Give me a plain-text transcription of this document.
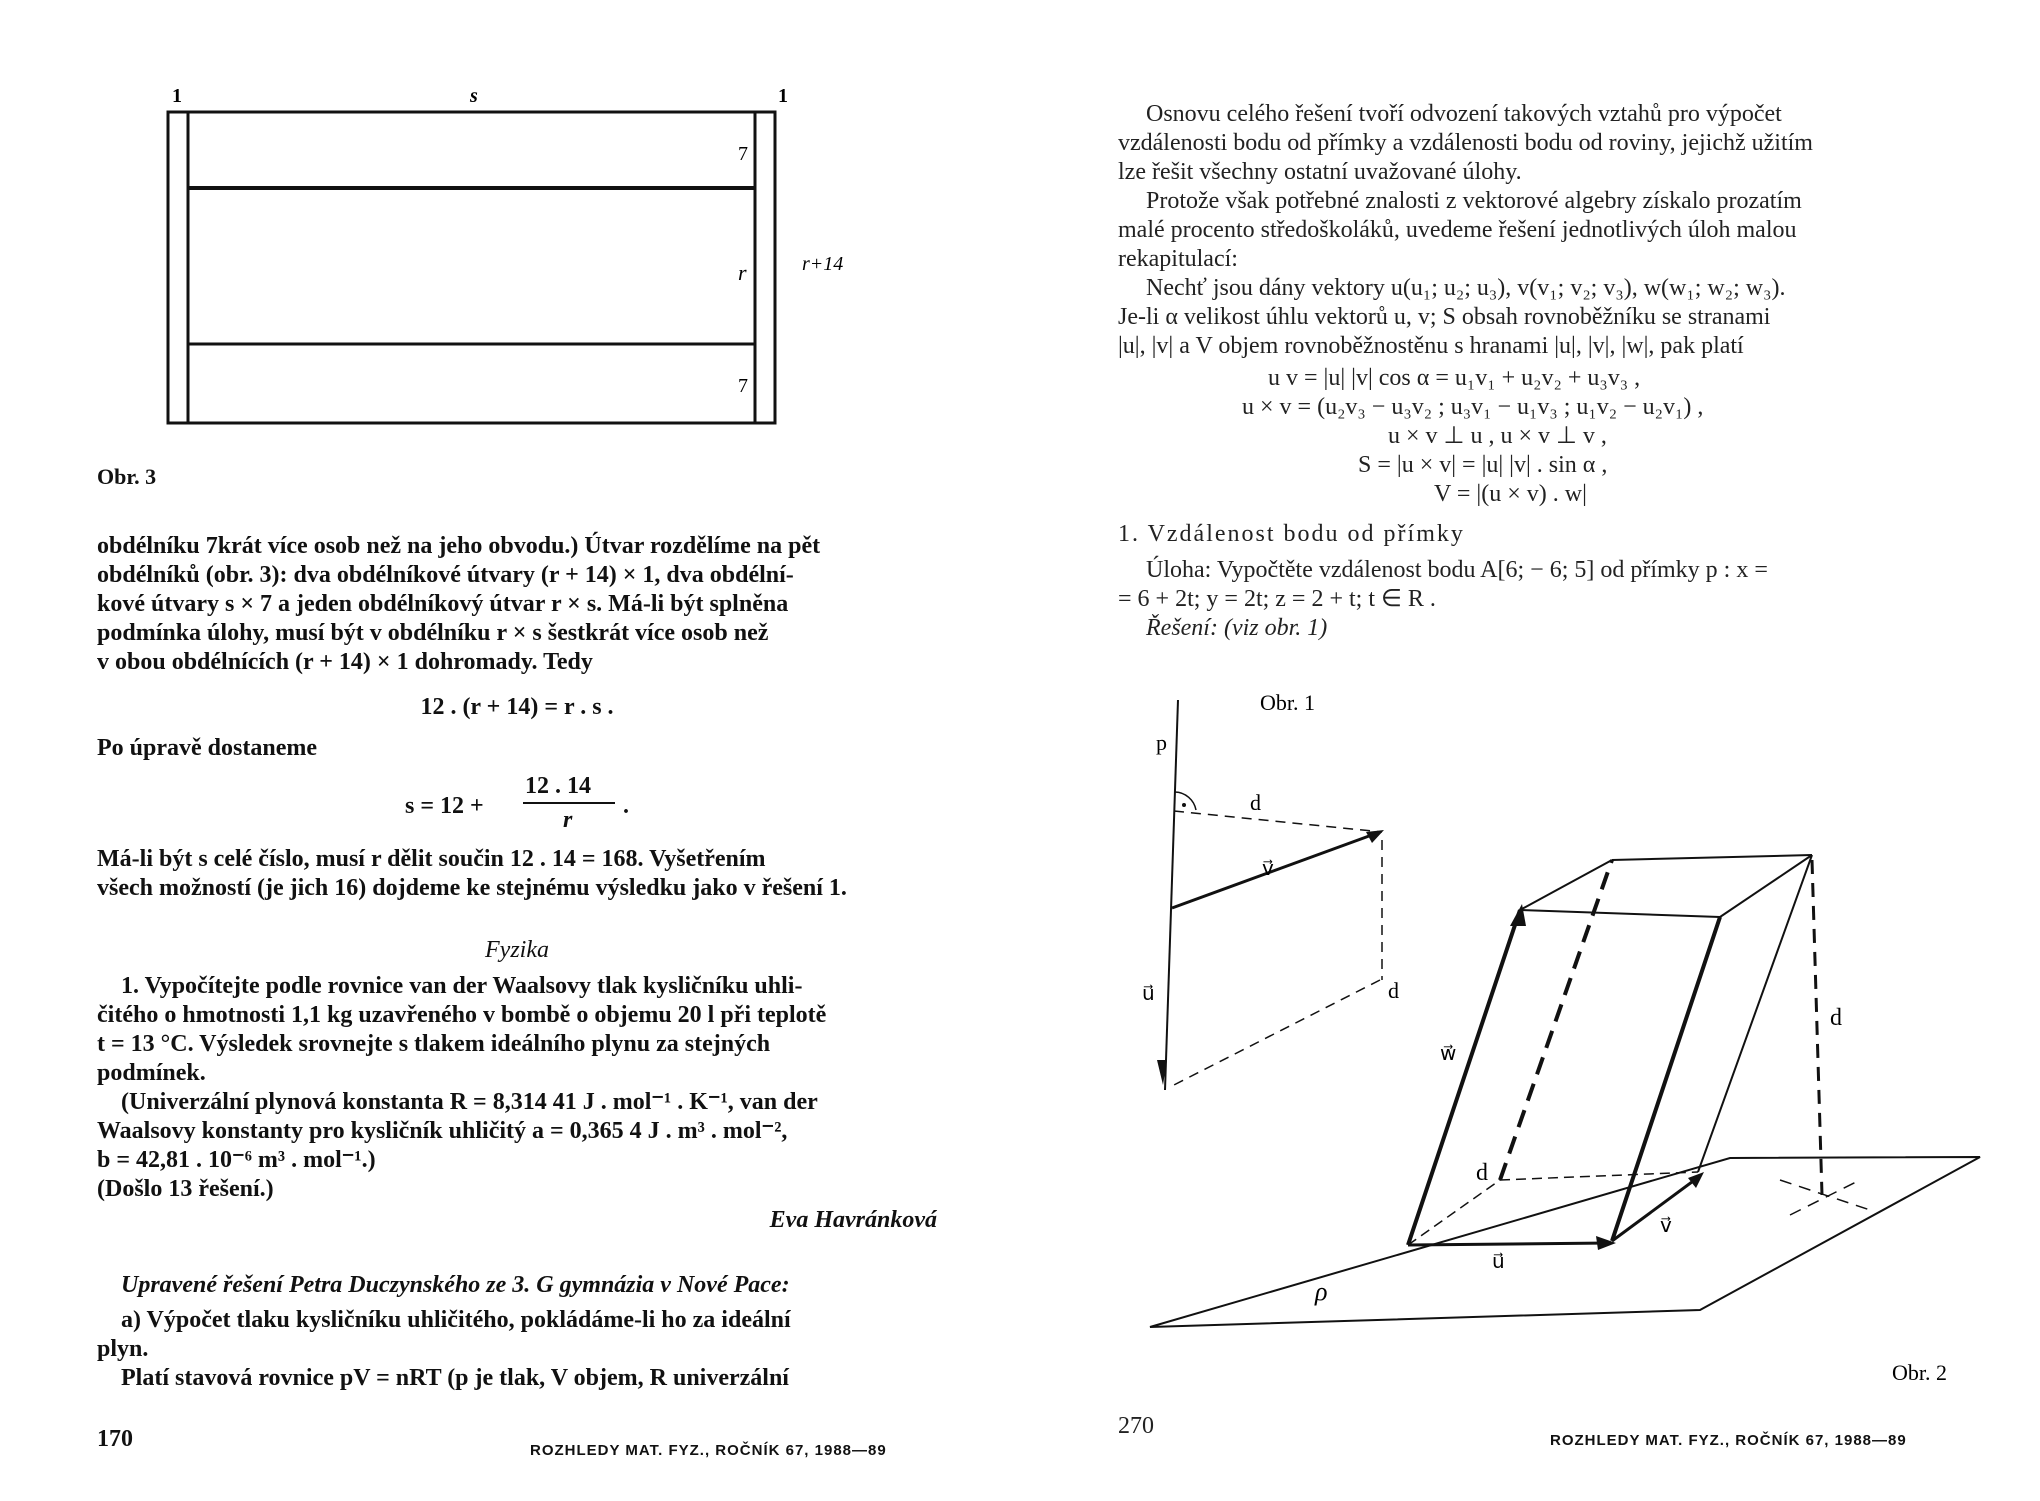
1	s	1
7
r
7
r+14
Obr. 3
obdélníku 7krát více osob než na jeho obvodu.) Útvar rozdělíme na pět
obdélníků (obr. 3): dva obdélníkové útvary (r + 14) × 1, dva obdélní-
kové útvary s × 7 a jeden obdélníkový útvar r × s. Má-li být splněna
podmínka úlohy, musí být v obdélníku r × s šestkrát více osob než
v obou obdélnících (r + 14) × 1 dohromady. Tedy
12 . (r + 14) = r . s .
Po úpravě dostaneme
s = 12 +
12 . 14
r
.
Má-li být s celé číslo, musí r dělit součin 12 . 14 = 168. Vyšetřením
všech možností (je jich 16) dojdeme ke stejnému výsledku jako v řešení 1.
Fyzika
1. Vypočítejte podle rovnice van der Waalsovy tlak kysličníku uhli-
čitého o hmotnosti 1,1 kg uzavřeného v bombě o objemu 20 l při teplotě
t = 13 °C. Výsledek srovnejte s tlakem ideálního plynu za stejných
podmínek.
(Univerzální plynová konstanta R = 8,314 41 J . mol⁻¹ . K⁻¹, van der
Waalsovy konstanty pro kysličník uhličitý a = 0,365 4 J . m³ . mol⁻²,
b = 42,81 . 10⁻⁶ m³ . mol⁻¹.)
(Došlo 13 řešení.)
Eva Havránková
Upravené řešení Petra Duczynského ze 3. G gymnázia v Nové Pace:
a) Výpočet tlaku kysličníku uhličitého, pokládáme-li ho za ideální
plyn.
Platí stavová rovnice pV = nRT (p je tlak, V objem, R univerzální
170	ROZHLEDY MAT. FYZ., ROČNÍK 67, 1988—89
Osnovu celého řešení tvoří odvození takových vztahů pro výpočet
vzdálenosti bodu od přímky a vzdálenosti bodu od roviny, jejichž užitím
lze řešit všechny ostatní uvažované úlohy.
Protože však potřebné znalosti z vektorové algebry získalo prozatím
malé procento středoškoláků, uvedeme řešení jednotlivých úloh malou
rekapitulací:
Nechť jsou dány vektory u(u₁; u₂; u₃), v(v₁; v₂; v₃), w(w₁; w₂; w₃).
Je-li α velikost úhlu vektorů u, v; S obsah rovnoběžníku se stranami
|u|, |v| a V objem rovnoběžnostěnu s hranami |u|, |v|, |w|, pak platí
u v = |u| |v| cos α = u₁v₁ + u₂v₂ + u₃v₃ ,
u × v = (u₂v₃ − u₃v₂ ; u₃v₁ − u₁v₃ ; u₁v₂ − u₂v₁) ,
u × v ⊥ u , u × v ⊥ v ,
S = |u × v| = |u| |v| . sin α ,
V = |(u × v) . w|
1. Vzdálenost bodu od přímky
Úloha: Vypočtěte vzdálenost bodu A[6; − 6; 5] od přímky p : x =
= 6 + 2t; y = 2t; z = 2 + t; t ∈ R .
Řešení: (viz obr. 1)
Obr. 1
p
d
v⃗
d
u⃗
ρ
d
d
u⃗
v⃗
w⃗
Obr. 2
270
ROZHLEDY MAT. FYZ., ROČNÍK 67, 1988—89
